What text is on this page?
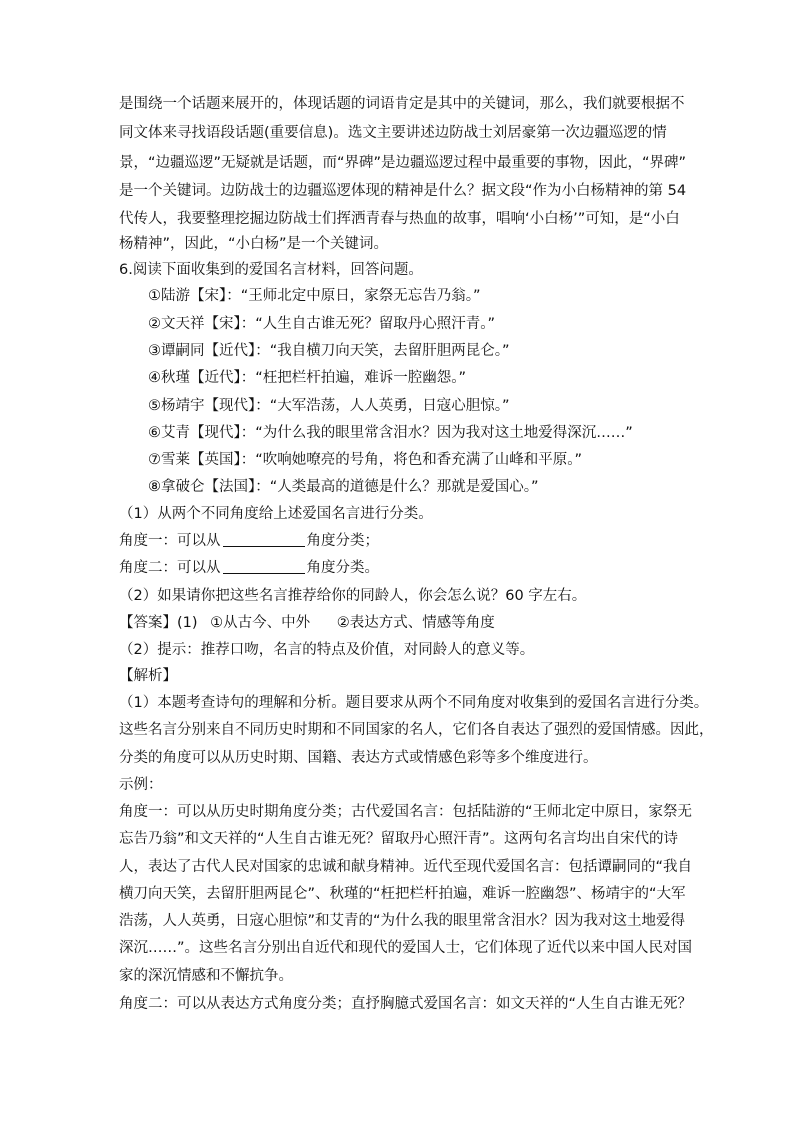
是围绕一个话题来展开的，体现话题的词语肯定是其中的关键词，那么，我们就要根据不
同文体来寻找语段话题(重要信息)。选文主要讲述边防战士刘居豪第一次边疆巡逻的情
景，“边疆巡逻”无疑就是话题，而“界碑”是边疆巡逻过程中最重要的事物，因此，“界碑”
是一个关键词。边防战士的边疆巡逻体现的精神是什么？据文段“作为小白杨精神的第 54
代传人，我要整理挖掘边防战士们挥洒青春与热血的故事，唱响‘小白杨’”可知，是“小白
杨精神”，因此，“小白杨”是一个关键词。
6.阅读下面收集到的爱国名言材料，回答问题。
①陆游【宋】：“王师北定中原日，家祭无忘告乃翁。”
②文天祥【宋】：“人生自古谁无死？留取丹心照汗青。”
③谭嗣同【近代】：“我自横刀向天笑，去留肝胆两昆仑。”
④秋瑾【近代】：“枉把栏杆拍遍，难诉一腔幽怨。”
⑤杨靖宇【现代】：“大军浩荡，人人英勇，日寇心胆惊。”
⑥艾青【现代】：“为什么我的眼里常含泪水？因为我对这土地爱得深沉……”
⑦雪莱【英国】：“吹响她嘹亮的号角，将色和香充满了山峰和平原。”
⑧拿破仑【法国】：“人类最高的道德是什么？那就是爱国心。”
（1）从两个不同角度给上述爱国名言进行分类。
角度一：可以从	角度分类；
角度二：可以从	角度分类。
（2）如果请你把这些名言推荐给你的同龄人，你会怎么说？60 字左右。
【答案】(1) ①从古今、中外 ②表达方式、情感等角度
（2）提示：推荐口吻，名言的特点及价值，对同龄人的意义等。
【解析】
（1）本题考查诗句的理解和分析。题目要求从两个不同角度对收集到的爱国名言进行分类。
这些名言分别来自不同历史时期和不同国家的名人，它们各自表达了强烈的爱国情感。因此，
分类的角度可以从历史时期、国籍、表达方式或情感色彩等多个维度进行。
示例：
角度一：可以从历史时期角度分类；古代爱国名言：包括陆游的“王师北定中原日，家祭无
忘告乃翁”和文天祥的“人生自古谁无死？留取丹心照汗青”。这两句名言均出自宋代的诗
人，表达了古代人民对国家的忠诚和献身精神。近代至现代爱国名言：包括谭嗣同的“我自
横刀向天笑，去留肝胆两昆仑”、秋瑾的“枉把栏杆拍遍，难诉一腔幽怨”、杨靖宇的“大军
浩荡，人人英勇，日寇心胆惊”和艾青的“为什么我的眼里常含泪水？因为我对这土地爱得
深沉……”。这些名言分别出自近代和现代的爱国人士，它们体现了近代以来中国人民对国
家的深沉情感和不懈抗争。
角度二：可以从表达方式角度分类；直抒胸臆式爱国名言：如文天祥的“人生自古谁无死？
